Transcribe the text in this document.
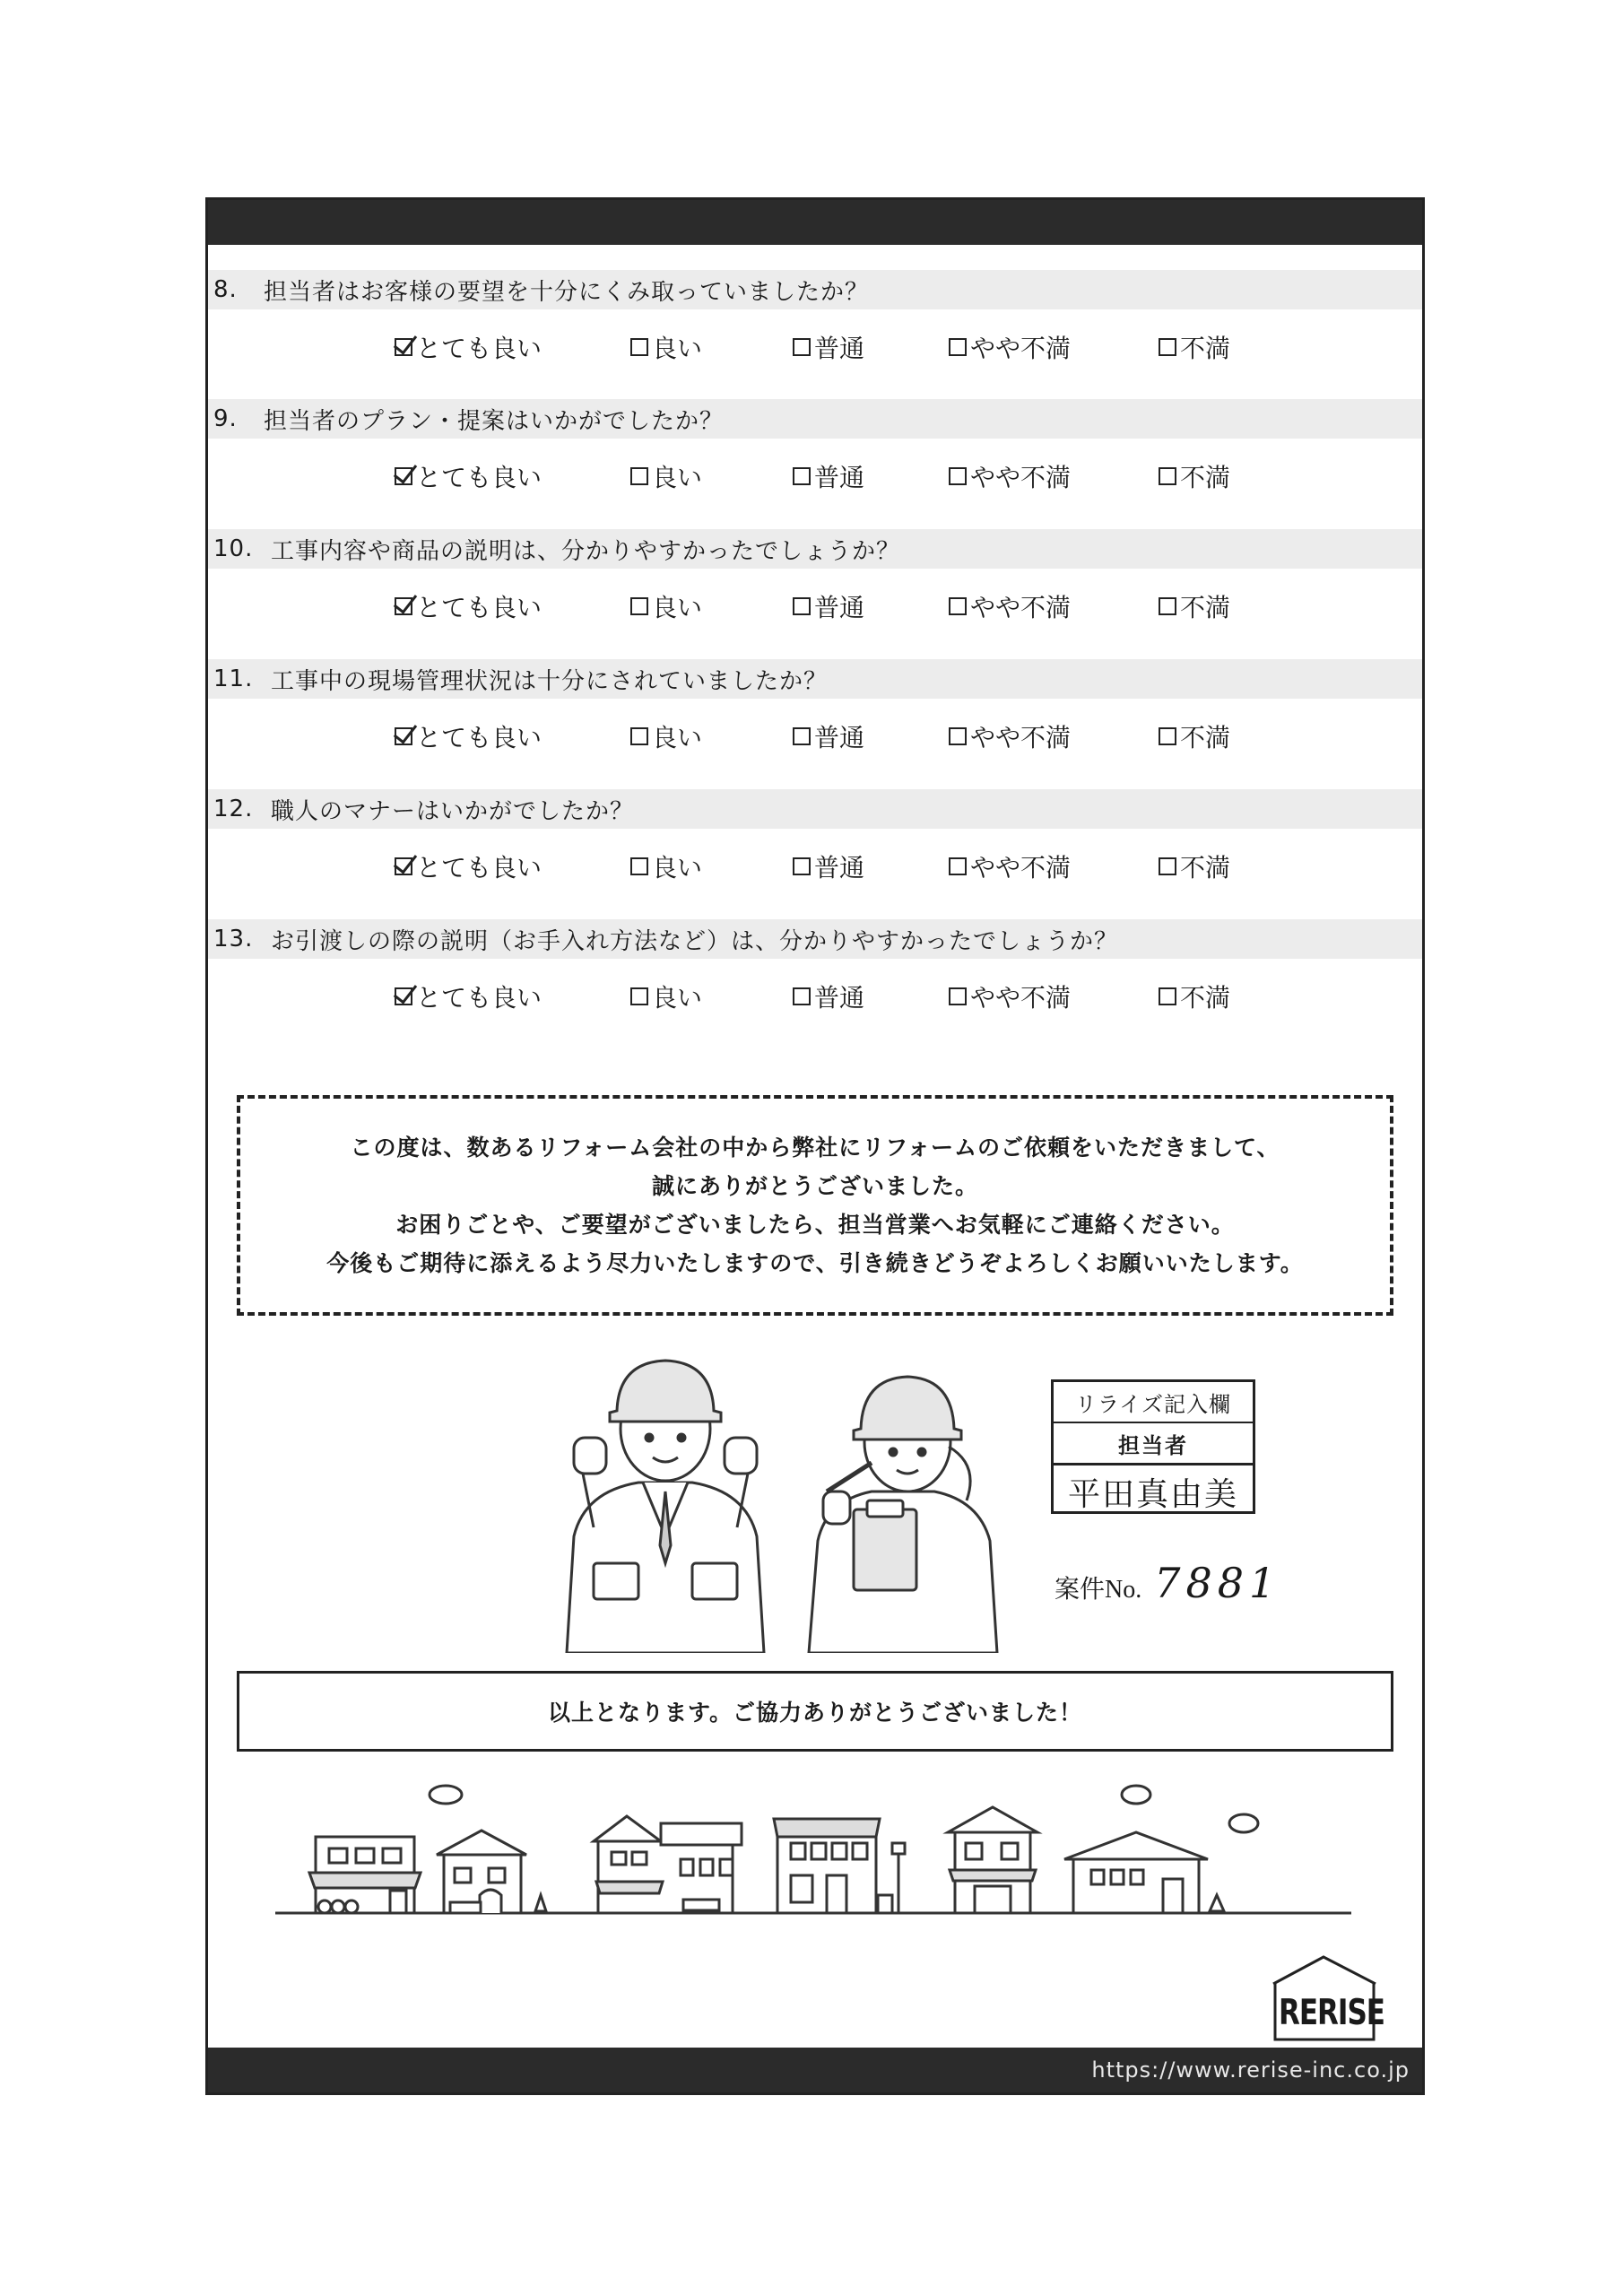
8.	担当者はお客様の要望を十分にくみ取っていましたか？
とても良い	良い	普通	やや不満	不満
9.	担当者のプラン・提案はいかがでしたか？
とても良い	良い	普通	やや不満	不満
10. 工事内容や商品の説明は、分かりやすかったでしょうか？
とても良い	良い	普通	やや不満	不満
11. 工事中の現場管理状況は十分にされていましたか？
とても良い	良い	普通	やや不満	不満
12. 職人のマナーはいかがでしたか？
とても良い	良い	普通	やや不満	不満
13. お引渡しの際の説明（お手入れ方法など）は、分かりやすかったでしょうか？
とても良い	良い	普通	やや不満	不満
この度は、数あるリフォーム会社の中から弊社にリフォームのご依頼をいただきまして、
誠にありがとうございました。
お困りごとや、ご要望がございましたら、担当営業へお気軽にご連絡ください。
今後もご期待に添えるよう尽力いたしますので、引き続きどうぞよろしくお願いいたします。
リライズ記入欄
担当者
平田真由美
案件No. 7881
以上となります。ご協力ありがとうございました！
RERISE
https://www.rerise-inc.co.jp
